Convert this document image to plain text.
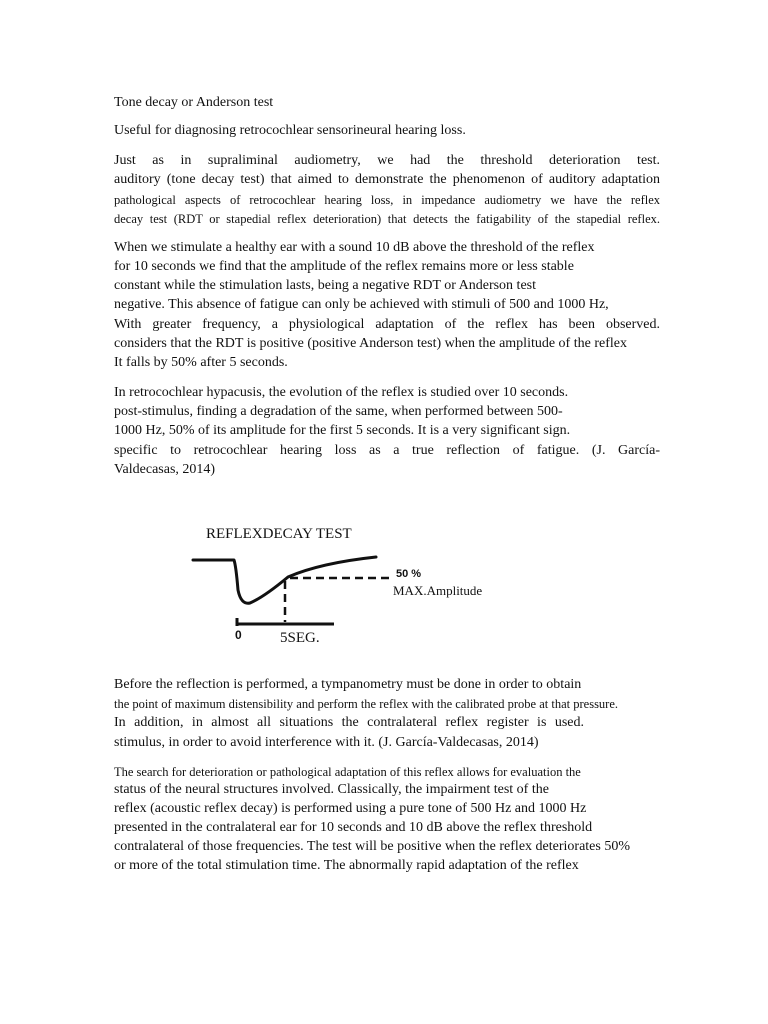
Tone decay or Anderson test
Useful for diagnosing retrocochlear sensorineural hearing loss.
Just as in supraliminal audiometry, we had the threshold deterioration test.
auditory (tone decay test) that aimed to demonstrate the phenomenon of auditory adaptation
pathological aspects of retrocochlear hearing loss, in impedance audiometry we have the reflex
decay test (RDT or stapedial reflex deterioration) that detects the fatigability of the stapedial reflex.
When we stimulate a healthy ear with a sound 10 dB above the threshold of the reflex
for 10 seconds we find that the amplitude of the reflex remains more or less stable
constant while the stimulation lasts, being a negative RDT or Anderson test
negative. This absence of fatigue can only be achieved with stimuli of 500 and 1000 Hz,
With greater frequency, a physiological adaptation of the reflex has been observed.
considers that the RDT is positive (positive Anderson test) when the amplitude of the reflex
It falls by 50% after 5 seconds.
In retrocochlear hypacusis, the evolution of the reflex is studied over 10 seconds.
post-stimulus, finding a degradation of the same, when performed between 500-
1000 Hz, 50% of its amplitude for the first 5 seconds. It is a very significant sign.
specific to retrocochlear hearing loss as a true reflection of fatigue. (J. García-
Valdecasas, 2014)
REFLEXDECAY TEST
50 %
MAX.Amplitude
0	5SEG.
Before the reflection is performed, a tympanometry must be done in order to obtain
the point of maximum distensibility and perform the reflex with the calibrated probe at that pressure.
In addition, in almost all situations the contralateral reflex register is used.
stimulus, in order to avoid interference with it. (J. García-Valdecasas, 2014)
The search for deterioration or pathological adaptation of this reflex allows for evaluation the
status of the neural structures involved. Classically, the impairment test of the
reflex (acoustic reflex decay) is performed using a pure tone of 500 Hz and 1000 Hz
presented in the contralateral ear for 10 seconds and 10 dB above the reflex threshold
contralateral of those frequencies. The test will be positive when the reflex deteriorates 50%
or more of the total stimulation time. The abnormally rapid adaptation of the reflex
